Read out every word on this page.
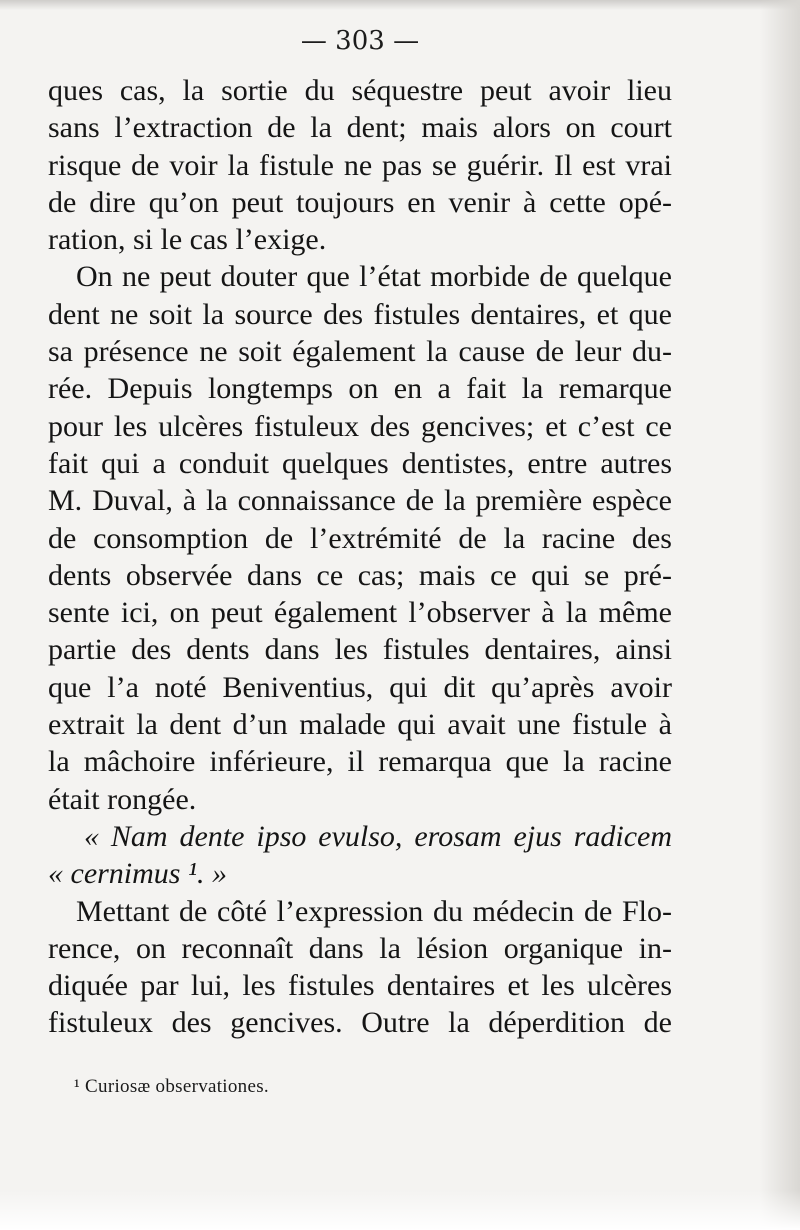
— 303 —
ques cas, la sortie du séquestre peut avoir lieu
sans l’extraction de la dent; mais alors on court
risque de voir la fistule ne pas se guérir. Il est vrai
de dire qu’on peut toujours en venir à cette opé-
ration, si le cas l’exige.
On ne peut douter que l’état morbide de quelque
dent ne soit la source des fistules dentaires, et que
sa présence ne soit également la cause de leur du-
rée. Depuis longtemps on en a fait la remarque
pour les ulcères fistuleux des gencives; et c’est ce
fait qui a conduit quelques dentistes, entre autres
M. Duval, à la connaissance de la première espèce
de consomption de l’extrémité de la racine des
dents observée dans ce cas; mais ce qui se pré-
sente ici, on peut également l’observer à la même
partie des dents dans les fistules dentaires, ainsi
que l’a noté Beniventius, qui dit qu’après avoir
extrait la dent d’un malade qui avait une fistule à
la mâchoire inférieure, il remarqua que la racine
était rongée.
« Nam dente ipso evulso, erosam ejus radicem
« cernimus ¹. »
Mettant de côté l’expression du médecin de Flo-
rence, on reconnaît dans la lésion organique in-
diquée par lui, les fistules dentaires et les ulcères
fistuleux des gencives. Outre la déperdition de
¹ Curiosæ observationes.
